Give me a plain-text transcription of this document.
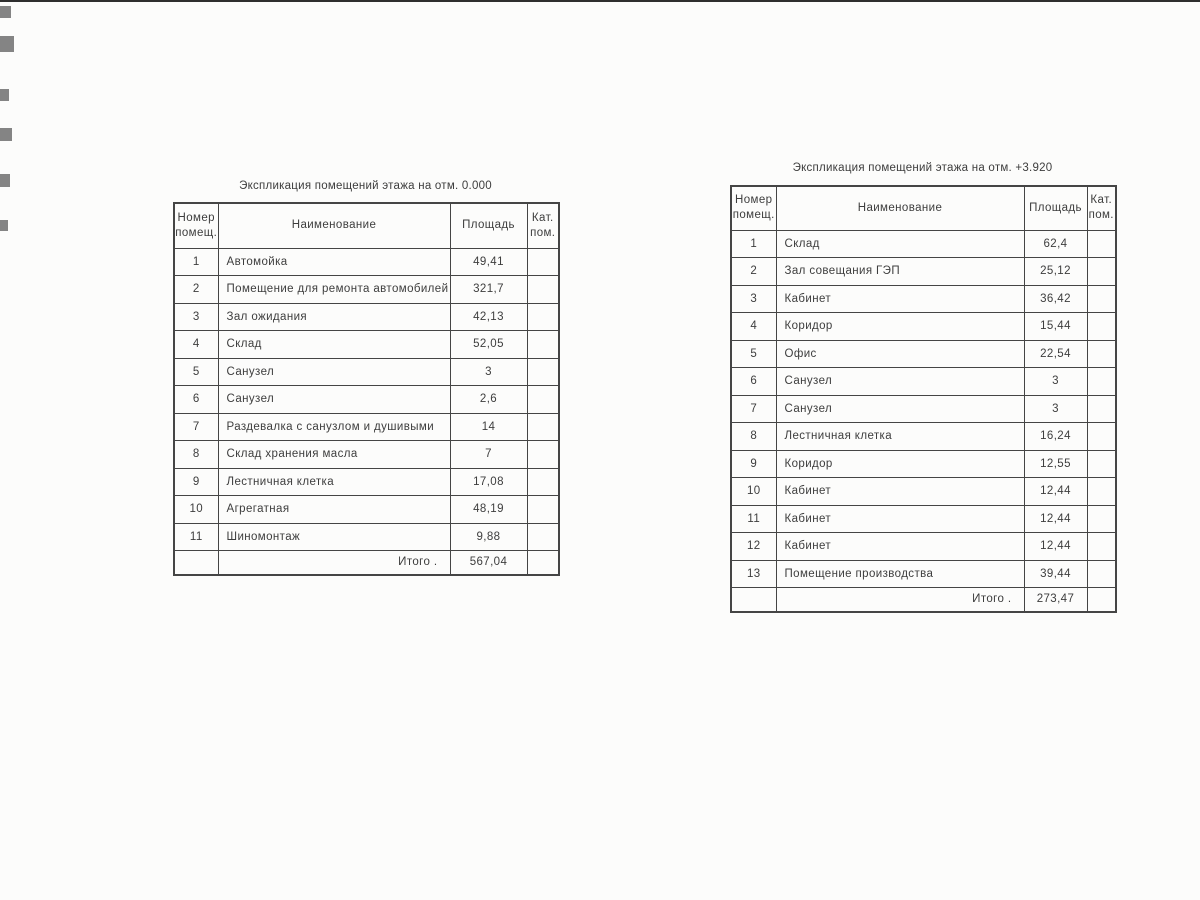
Экспликация помещений этажа на отм. 0.000
Номер
помещ.	Наименование	Площадь	Кат.
пом.

1	Автомойка	49,41	
2	Помещение для ремонта автомобилей	321,7	
3	Зал ожидания	42,13	
4	Склад	52,05	
5	Санузел	3	
6	Санузел	2,6	
7	Раздевалка с санузлом и душивыми	14	
8	Склад хранения масла	7	
9	Лестничная клетка	17,08	
10	Агрегатная	48,19	
11	Шиномонтаж	9,88	
	Итого .	567,04	
Экспликация помещений этажа на отм. +3.920
Номер
помещ.	Наименование	Площадь	Кат.
пом.

1	Склад	62,4	
2	Зал совещания ГЭП	25,12	
3	Кабинет	36,42	
4	Коридор	15,44	
5	Офис	22,54	
6	Санузел	3	
7	Санузел	3	
8	Лестничная клетка	16,24	
9	Коридор	12,55	
10	Кабинет	12,44	
11	Кабинет	12,44	
12	Кабинет	12,44	
13	Помещение производства	39,44	
	Итого .	273,47	
